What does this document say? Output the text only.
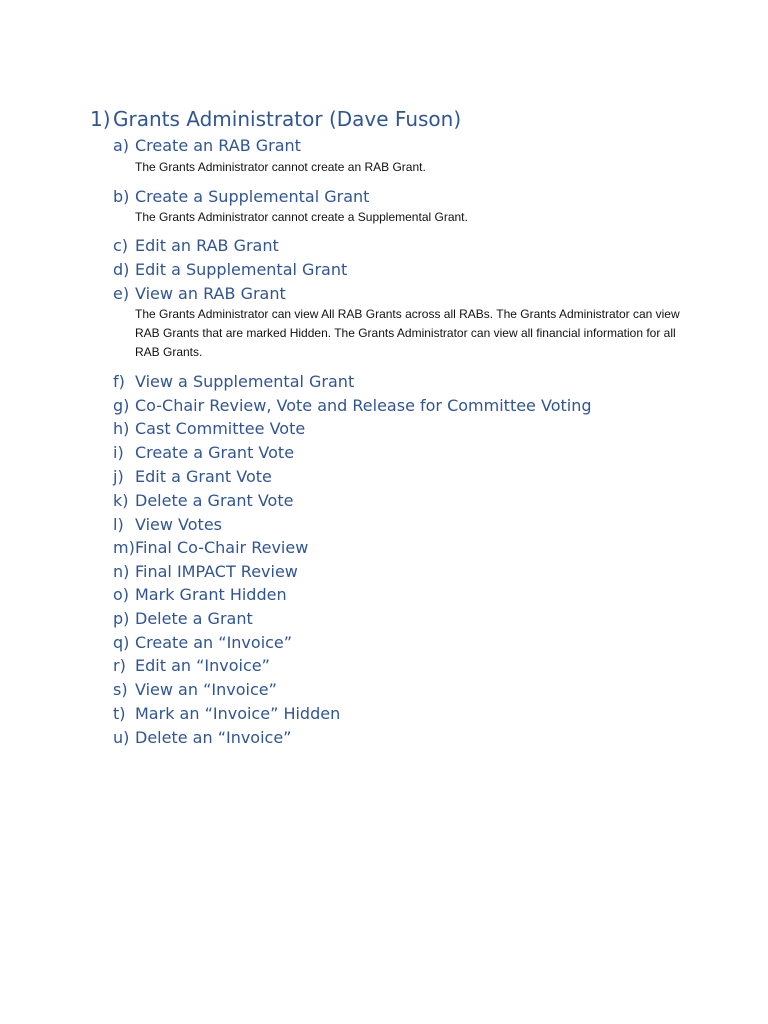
1) Grants Administrator (Dave Fuson)
a) Create an RAB Grant
The Grants Administrator cannot create an RAB Grant.
b) Create a Supplemental Grant
The Grants Administrator cannot create a Supplemental Grant.
c) Edit an RAB Grant
d) Edit a Supplemental Grant
e) View an RAB Grant
The Grants Administrator can view All RAB Grants across all RABs. The Grants Administrator can view RAB Grants that are marked Hidden. The Grants Administrator can view all financial information for all RAB Grants.
f) View a Supplemental Grant
g) Co-Chair Review, Vote and Release for Committee Voting
h) Cast Committee Vote
i) Create a Grant Vote
j) Edit a Grant Vote
k) Delete a Grant Vote
l) View Votes
m)Final Co-Chair Review
n) Final IMPACT Review
o) Mark Grant Hidden
p) Delete a Grant
q) Create an “Invoice”
r) Edit an “Invoice”
s) View an “Invoice”
t) Mark an “Invoice” Hidden
u) Delete an “Invoice”
